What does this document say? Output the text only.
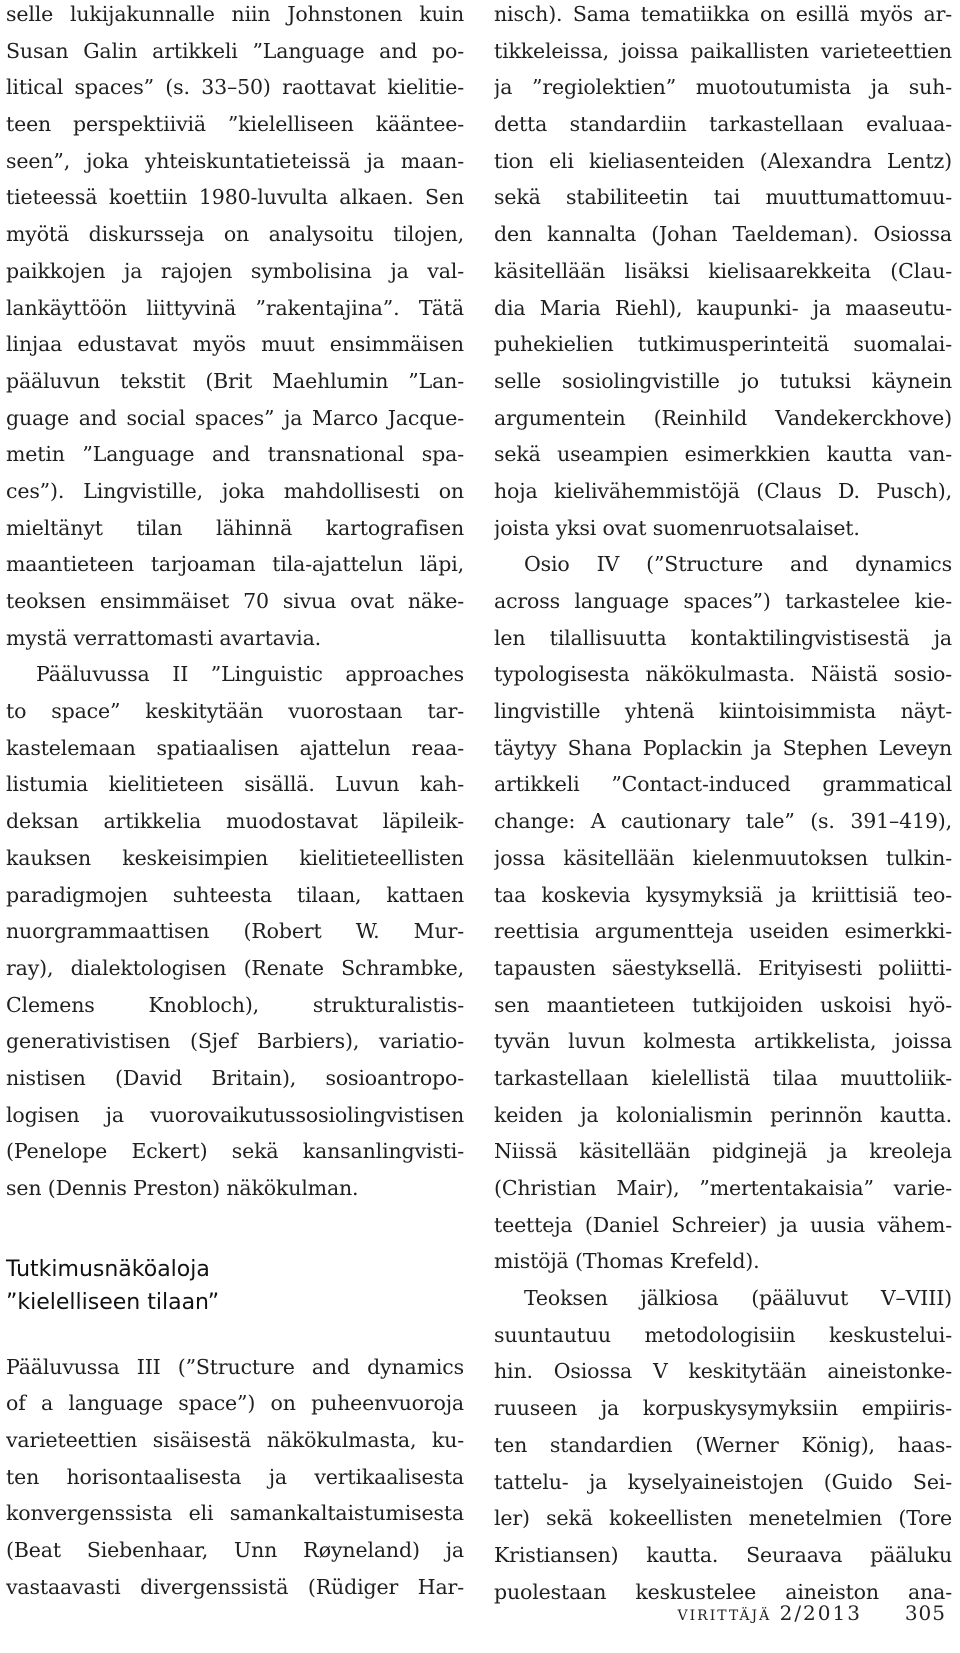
selle lukijakunnalle niin Johnstonen kuin
Susan Galin artikkeli ”Language and po-
litical spaces” (s. 33–50) raottavat kielitie-
teen perspektiiviä ”kielelliseen käänteе-
seen”, joka yhteiskuntatieteissä ja maan-
tieteessä koettiin 1980-luvulta alkaen. Sen
myötä diskursseja on analysoitu tilojen,
paikkojen ja rajojen symbolisina ja val-
lankäyttöön liittyvinä ”rakentajina”. Tätä
linjaa edustavat myös muut ensimmäisen
pääluvun tekstit (Brit Maehlumin ”Lan-
guage and social spaces” ja Marco Jacque-
metin ”Language and transnational spa-
ces”). Lingvistille, joka mahdollisesti on
mieltänyt tilan lähinnä kartografisen
maantieteen tarjoaman tila-ajattelun läpi,
teoksen ensimmäiset 70 sivua ovat näke-
mystä verrattomasti avartavia.
Pääluvussa II ”Linguistic approaches
to space” keskitytään vuorostaan tar-
kastelemaan spatiaalisen ajattelun reaa-
listumia kielitieteen sisällä. Luvun kah-
deksan artikkelia muodostavat läpileik-
kauksen keskeisimpien kielitieteellisten
paradigmojen suhteesta tilaan, kattaen
nuorgrammaattisen (Robert W. Mur-
ray), dialektologisen (Renate Schrambke,
Clemens Knobloch), strukturalistis-
generativistisen (Sjef Barbiers), variatio-
nistisen (David Britain), sosioantropo-
logisen ja vuorovaikutussosiolingvistisen
(Penelope Eckert) sekä kansanlingvisti-
sen (Dennis Preston) näkökulman.
Tutkimusnäköaloja
”kielelliseen tilaan”
Pääluvussa III (”Structure and dynamics
of a language space”) on puheenvuoroja
varieteettien sisäisestä näkökulmasta, ku-
ten horisontaalisesta ja vertikaalisesta
konvergenssista eli samankaltaistumisesta
(Beat Siebenhaar, Unn Røyneland) ja
vastaavasti divergenssistä (Rüdiger Har-
nisch). Sama tematiikka on esillä myös ar-
tikkeleissa, joissa paikallisten varieteettien
ja ”regiolektien” muotoutumista ja suh-
detta standardiin tarkastellaan evaluaa-
tion eli kieliasenteiden (Alexandra Lentz)
sekä stabiliteetin tai muuttumattomuu-
den kannalta (Johan Taeldeman). Osiossa
käsitellään lisäksi kielisaarekkeita (Clau-
dia Maria Riehl), kaupunki- ja maaseutu-
puhekielien tutkimusperinteitä suomalai-
selle sosiolingvistille jo tutuksi käynein
argumentein (Reinhild Vandekerckhove)
sekä useampien esimerkkien kautta van-
hoja kielivähemmistöjä (Claus D. Pusch),
joista yksi ovat suomenruotsalaiset.
Osio IV (”Structure and dynamics
across language spaces”) tarkastelee kie-
len tilallisuutta kontaktilingvistisestä ja
typologisesta näkökulmasta. Näistä sosio-
lingvistille yhtenä kiintoisimmista näyt-
täytyy Shana Poplackin ja Stephen Leveyn
artikkeli ”Contact-induced grammatical
change: A cautionary tale” (s. 391–419),
jossa käsitellään kielenmuutoksen tulkin-
taa koskevia kysymyksiä ja kriittisiä teo-
reettisia argumentteja useiden esimerkki-
tapausten säestyksellä. Erityisesti poliitti-
sen maantieteen tutkijoiden uskoisi hyö-
tyvän luvun kolmesta artikkelista, joissa
tarkastellaan kielellistä tilaa muuttoliik-
keiden ja kolonialismin perinnön kautta.
Niissä käsitellään pidginejä ja kreoleja
(Christian Mair), ”mertentakaisia” varie-
teetteja (Daniel Schreier) ja uusia vähem-
mistöjä (Thomas Krefeld).
Teoksen jälkiosa (pääluvut V–VIII)
suuntautuu metodologisiin keskustelui-
hin. Osiossa V keskitytään aineistonke-
ruuseen ja korpuskysymyksiin empiiris-
ten standardien (Werner König), haas-
tattelu- ja kyselyaineistojen (Guido Sei-
ler) sekä kokeellisten menetelmien (Tore
Kristiansen) kautta. Seuraava pääluku
puolestaan keskustelee aineiston ana-
virittäjä 2/2013 305
